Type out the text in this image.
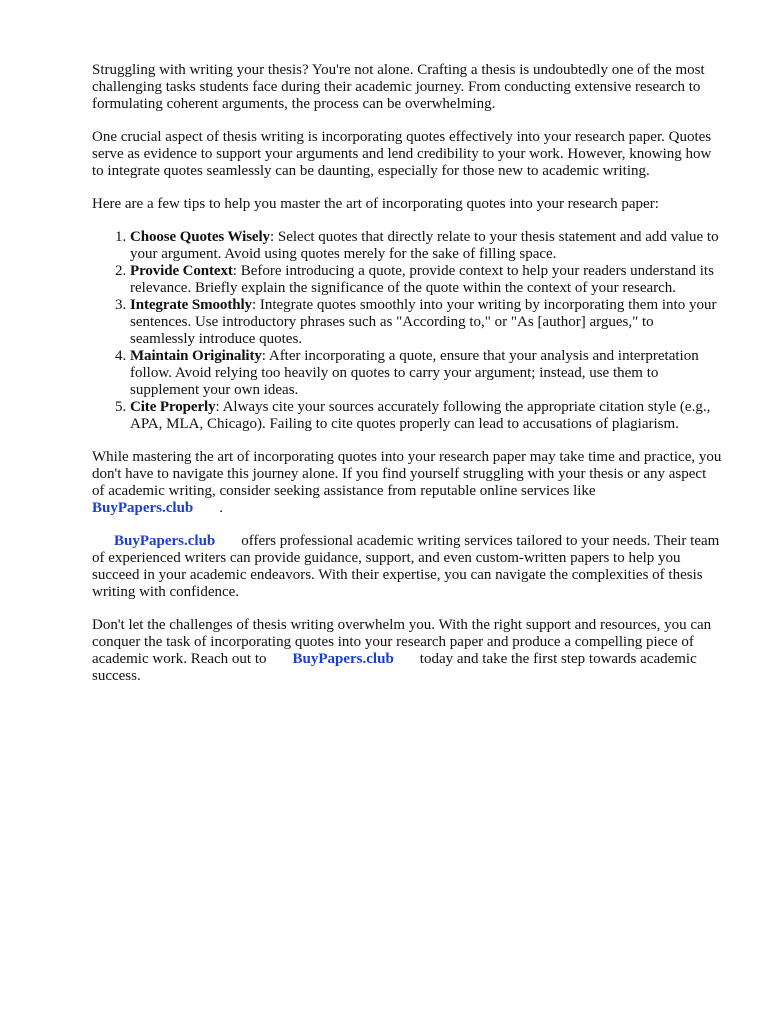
Struggling with writing your thesis? You're not alone. Crafting a thesis is undoubtedly one of the most challenging tasks students face during their academic journey. From conducting extensive research to formulating coherent arguments, the process can be overwhelming.

One crucial aspect of thesis writing is incorporating quotes effectively into your research paper. Quotes serve as evidence to support your arguments and lend credibility to your work. However, knowing how to integrate quotes seamlessly can be daunting, especially for those new to academic writing.

Here are a few tips to help you master the art of incorporating quotes into your research paper:

1. Choose Quotes Wisely: Select quotes that directly relate to your thesis statement and add value to your argument. Avoid using quotes merely for the sake of filling space.
2. Provide Context: Before introducing a quote, provide context to help your readers understand its relevance. Briefly explain the significance of the quote within the context of your research.
3. Integrate Smoothly: Integrate quotes smoothly into your writing by incorporating them into your sentences. Use introductory phrases such as "According to," or "As [author] argues," to seamlessly introduce quotes.
4. Maintain Originality: After incorporating a quote, ensure that your analysis and interpretation follow. Avoid relying too heavily on quotes to carry your argument; instead, use them to supplement your own ideas.
5. Cite Properly: Always cite your sources accurately following the appropriate citation style (e.g., APA, MLA, Chicago). Failing to cite quotes properly can lead to accusations of plagiarism.

While mastering the art of incorporating quotes into your research paper may take time and practice, you don't have to navigate this journey alone. If you find yourself struggling with your thesis or any aspect of academic writing, consider seeking assistance from reputable online services like
BuyPapers.club .

BuyPapers.club offers professional academic writing services tailored to your needs. Their team of experienced writers can provide guidance, support, and even custom-written papers to help you succeed in your academic endeavors. With their expertise, you can navigate the complexities of thesis writing with confidence.

Don't let the challenges of thesis writing overwhelm you. With the right support and resources, you can conquer the task of incorporating quotes into your research paper and produce a compelling piece of academic work. Reach out to BuyPapers.club today and take the first step towards academic success.
